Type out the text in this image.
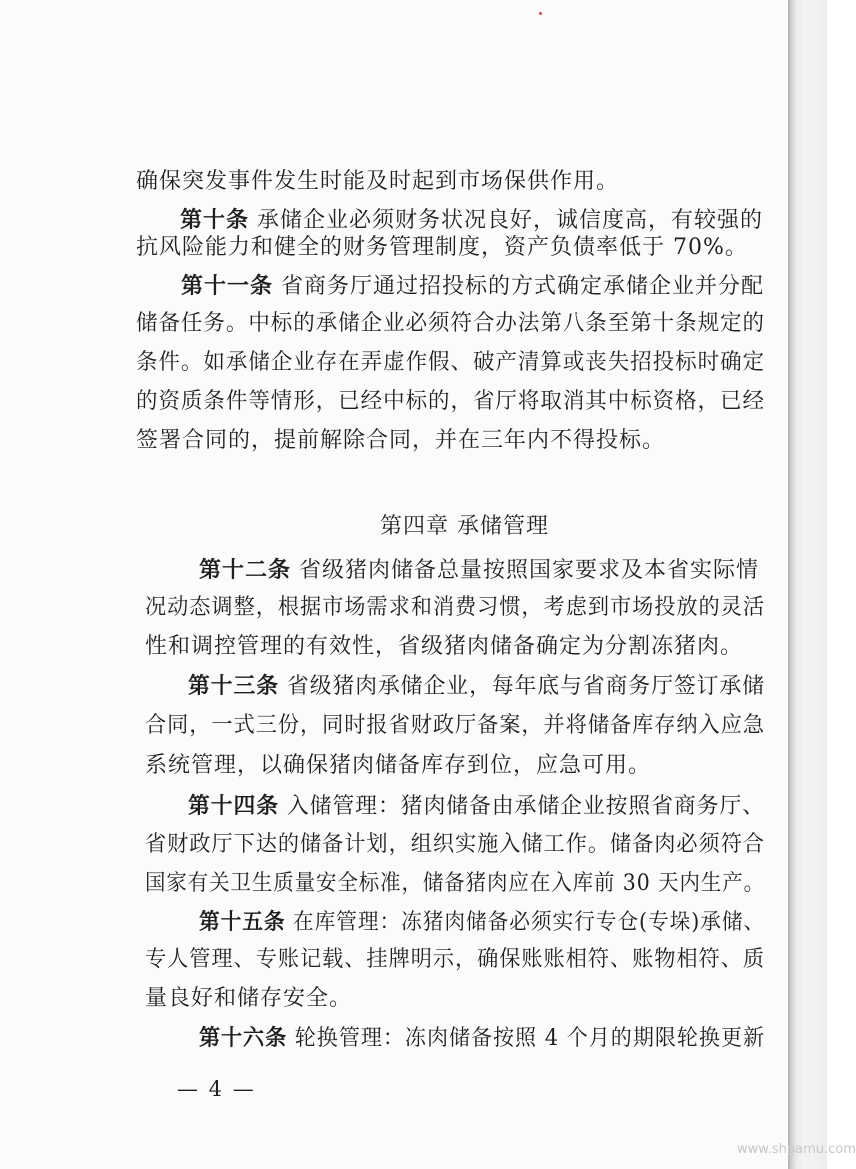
确保突发事件发生时能及时起到市场保供作用。
第十条 承储企业必须财务状况良好，诚信度高，有较强的
抗风险能力和健全的财务管理制度，资产负债率低于 70%。
第十一条 省商务厅通过招投标的方式确定承储企业并分配
储备任务。中标的承储企业必须符合办法第八条至第十条规定的
条件。如承储企业存在弄虚作假、破产清算或丧失招投标时确定
的资质条件等情形，已经中标的，省厅将取消其中标资格，已经
签署合同的，提前解除合同，并在三年内不得投标。
第十二条 省级猪肉储备总量按照国家要求及本省实际情
况动态调整，根据市场需求和消费习惯，考虑到市场投放的灵活
性和调控管理的有效性，省级猪肉储备确定为分割冻猪肉。
第十三条 省级猪肉承储企业，每年底与省商务厅签订承储
合同，一式三份，同时报省财政厅备案，并将储备库存纳入应急
系统管理，以确保猪肉储备库存到位，应急可用。
第十四条 入储管理：猪肉储备由承储企业按照省商务厅、
省财政厅下达的储备计划，组织实施入储工作。储备肉必须符合
国家有关卫生质量安全标准，储备猪肉应在入库前 30 天内生产。
第十五条 在库管理：冻猪肉储备必须实行专仓(专垛)承储、
专人管理、专账记载、挂牌明示，确保账账相符、账物相符、质
量良好和储存安全。
第十六条 轮换管理：冻肉储备按照 4 个月的期限轮换更新
第四章 承储管理
— 4 —
www.shpamu.com
